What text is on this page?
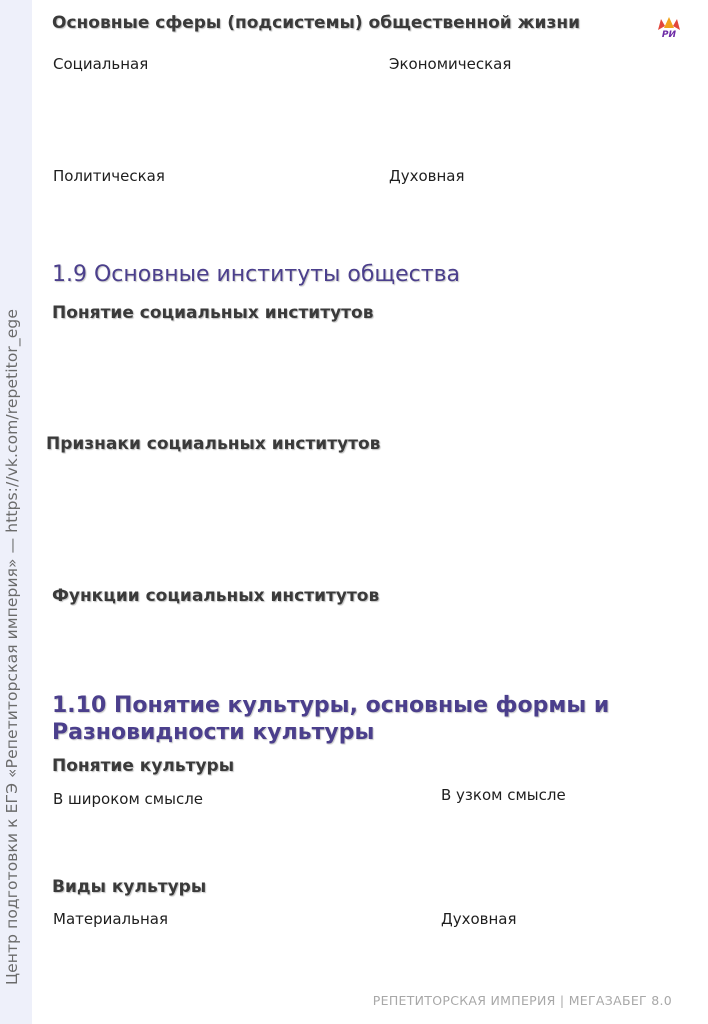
Центр подготовки к ЕГЭ «Репетиторская империя» — https://vk.com/repetitor_ege
РИ
Основные сферы (подсистемы) общественной жизни
Социальная	Экономическая
Политическая	Духовная
1.9 Основные институты общества
Понятие социальных институтов
Признаки социальных институтов
Функции социальных институтов
1.10 Понятие культуры, основные формы и
Разновидности культуры
Понятие культуры
В широком смысле	В узком смысле
Виды культуры
Материальная	Духовная
РЕПЕТИТОРСКАЯ ИМПЕРИЯ | МЕГАЗАБЕГ 8.0
